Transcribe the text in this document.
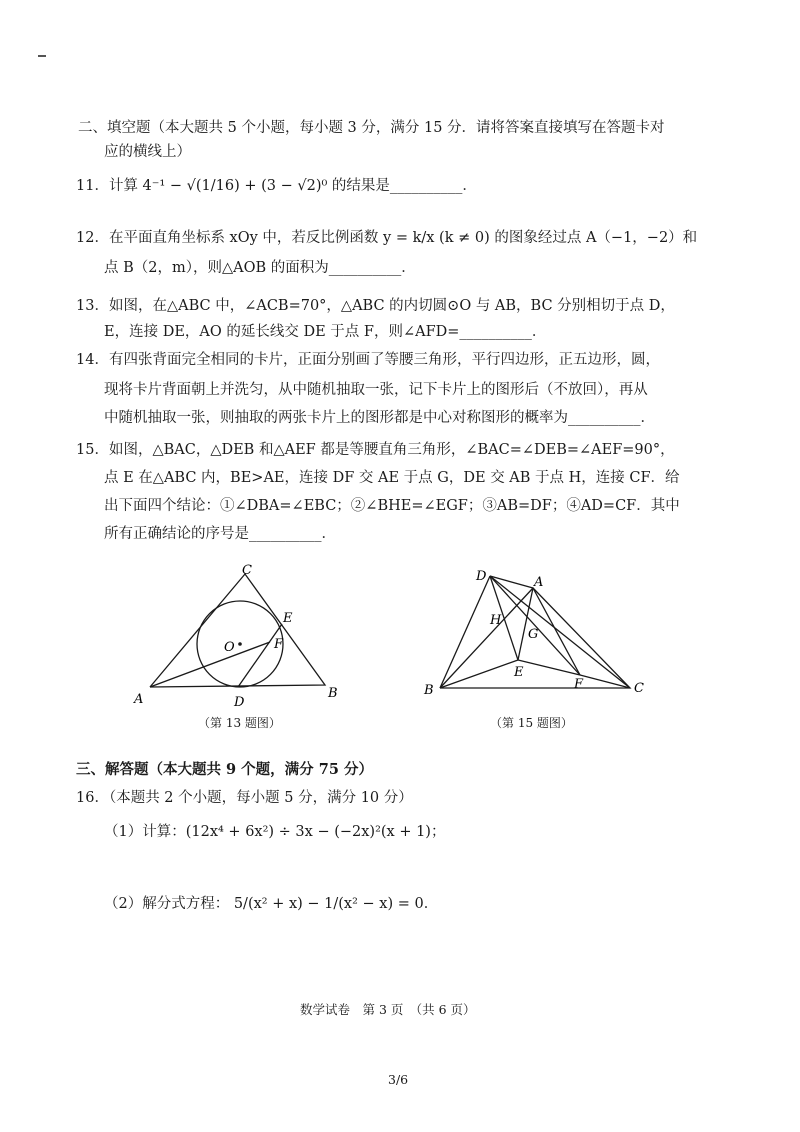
二、填空题（本大题共 5 个小题，每小题 3 分，满分 15 分．请将答案直接填写在答题卡对
应的横线上）
11．计算 4⁻¹ − √(1/16) + (3 − √2)⁰ 的结果是__________．
12．在平面直角坐标系 xOy 中，若反比例函数 y = k/x (k ≠ 0) 的图象经过点 A（−1，−2）和
点 B（2，m），则△AOB 的面积为__________．
13．如图，在△ABC 中，∠ACB=70°，△ABC 的内切圆⊙O 与 AB，BC 分别相切于点 D，
E，连接 DE，AO 的延长线交 DE 于点 F，则∠AFD=__________．
14．有四张背面完全相同的卡片，正面分别画了等腰三角形，平行四边形，正五边形，圆，
现将卡片背面朝上并洗匀，从中随机抽取一张，记下卡片上的图形后（不放回），再从
中随机抽取一张，则抽取的两张卡片上的图形都是中心对称图形的概率为__________．
15．如图，△BAC，△DEB 和△AEF 都是等腰直角三角形，∠BAC=∠DEB=∠AEF=90°，
点 E 在△ABC 内，BE>AE，连接 DF 交 AE 于点 G，DE 交 AB 于点 H，连接 CF．给
出下面四个结论：①∠DBA=∠EBC；②∠BHE=∠EGF；③AB=DF；④AD=CF．其中
所有正确结论的序号是__________．
C
A	B
D
E
F
O
（第 13 题图）
D	A
B	C
H
G
E
F
（第 15 题图）
三、解答题（本大题共 9 个题，满分 75 分）
16．（本题共 2 个小题，每小题 5 分，满分 10 分）
（1）计算：(12x⁴ + 6x²) ÷ 3x − (−2x)²(x + 1)；
（2）解分式方程： 5/(x² + x) − 1/(x² − x) = 0．
数学试卷　第 3 页　（共 6 页）
3/6
